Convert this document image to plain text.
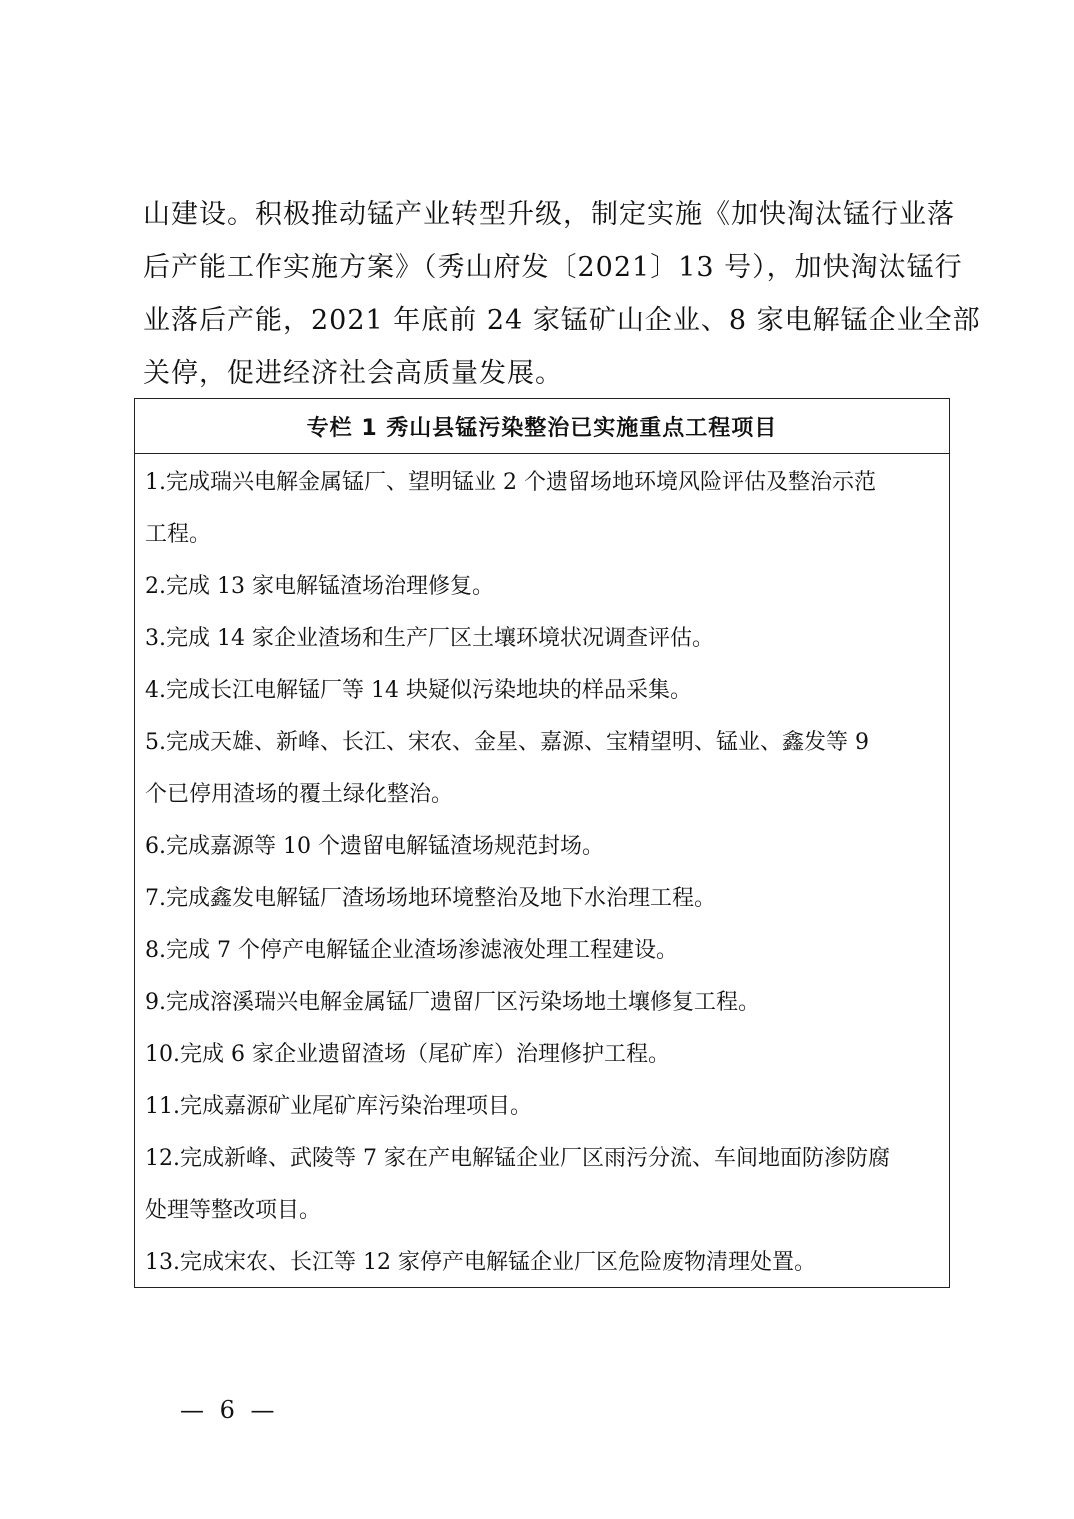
山建设。积极推动锰产业转型升级，制定实施《加快淘汰锰行业落
后产能工作实施方案》（秀山府发〔2021〕13 号），加快淘汰锰行
业落后产能，2021 年底前 24 家锰矿山企业、8 家电解锰企业全部
关停，促进经济社会高质量发展。
专栏 1 秀山县锰污染整治已实施重点工程项目
1.完成瑞兴电解金属锰厂、望明锰业 2 个遗留场地环境风险评估及整治示范
工程。
2.完成 13 家电解锰渣场治理修复。
3.完成 14 家企业渣场和生产厂区土壤环境状况调查评估。
4.完成长江电解锰厂等 14 块疑似污染地块的样品采集。
5.完成天雄、新峰、长江、宋农、金星、嘉源、宝精望明、锰业、鑫发等 9
个已停用渣场的覆土绿化整治。
6.完成嘉源等 10 个遗留电解锰渣场规范封场。
7.完成鑫发电解锰厂渣场场地环境整治及地下水治理工程。
8.完成 7 个停产电解锰企业渣场渗滤液处理工程建设。
9.完成溶溪瑞兴电解金属锰厂遗留厂区污染场地土壤修复工程。
10.完成 6 家企业遗留渣场（尾矿库）治理修护工程。
11.完成嘉源矿业尾矿库污染治理项目。
12.完成新峰、武陵等 7 家在产电解锰企业厂区雨污分流、车间地面防渗防腐
处理等整改项目。
13.完成宋农、长江等 12 家停产电解锰企业厂区危险废物清理处置。
— 6 —
